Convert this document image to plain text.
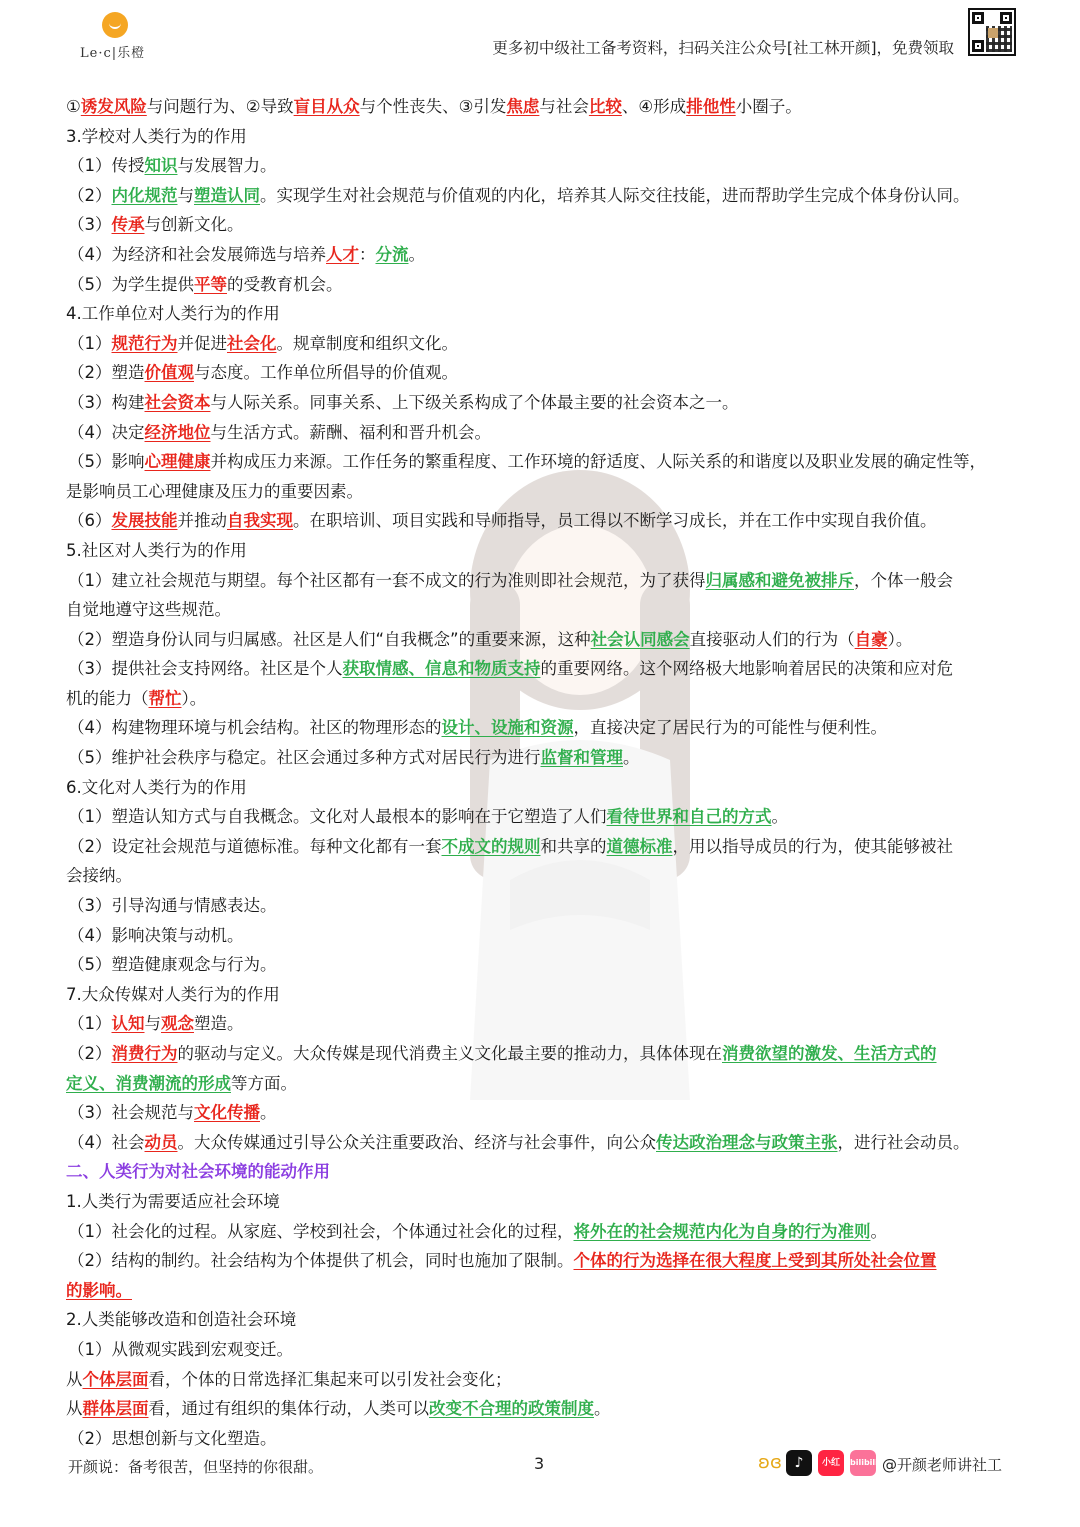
Le·c|乐橙	更多初中级社工备考资料，扫码关注公众号[社工林开颜]，免费领取
①诱发风险与问题行为、②导致盲目从众与个性丧失、③引发焦虑与社会比较、④形成排他性小圈子。
3.学校对人类行为的作用
（1）传授知识与发展智力。
（2）内化规范与塑造认同。实现学生对社会规范与价值观的内化，培养其人际交往技能，进而帮助学生完成个体身份认同。
（3）传承与创新文化。
（4）为经济和社会发展筛选与培养人才：分流。
（5）为学生提供平等的受教育机会。
4.工作单位对人类行为的作用
（1）规范行为并促进社会化。规章制度和组织文化。
（2）塑造价值观与态度。工作单位所倡导的价值观。
（3）构建社会资本与人际关系。同事关系、上下级关系构成了个体最主要的社会资本之一。
（4）决定经济地位与生活方式。薪酬、福利和晋升机会。
（5）影响心理健康并构成压力来源。工作任务的繁重程度、工作环境的舒适度、人际关系的和谐度以及职业发展的确定性等，
是影响员工心理健康及压力的重要因素。
（6）发展技能并推动自我实现。在职培训、项目实践和导师指导，员工得以不断学习成长，并在工作中实现自我价值。
5.社区对人类行为的作用
（1）建立社会规范与期望。每个社区都有一套不成文的行为准则即社会规范，为了获得归属感和避免被排斥，个体一般会
自觉地遵守这些规范。
（2）塑造身份认同与归属感。社区是人们“自我概念”的重要来源，这种社会认同感会直接驱动人们的行为（自豪）。
（3）提供社会支持网络。社区是个人获取情感、信息和物质支持的重要网络。这个网络极大地影响着居民的决策和应对危
机的能力（帮忙）。
（4）构建物理环境与机会结构。社区的物理形态的设计、设施和资源，直接决定了居民行为的可能性与便利性。
（5）维护社会秩序与稳定。社区会通过多种方式对居民行为进行监督和管理。
6.文化对人类行为的作用
（1）塑造认知方式与自我概念。文化对人最根本的影响在于它塑造了人们看待世界和自己的方式。
（2）设定社会规范与道德标准。每种文化都有一套不成文的规则和共享的道德标准，用以指导成员的行为，使其能够被社
会接纳。
（3）引导沟通与情感表达。
（4）影响决策与动机。
（5）塑造健康观念与行为。
7.大众传媒对人类行为的作用
（1）认知与观念塑造。
（2）消费行为的驱动与定义。大众传媒是现代消费主义文化最主要的推动力，具体体现在消费欲望的激发、生活方式的
定义、消费潮流的形成等方面。
（3）社会规范与文化传播。
（4）社会动员。大众传媒通过引导公众关注重要政治、经济与社会事件，向公众传达政治理念与政策主张，进行社会动员。
二、人类行为对社会环境的能动作用
1.人类行为需要适应社会环境
（1）社会化的过程。从家庭、学校到社会，个体通过社会化的过程，将外在的社会规范内化为自身的行为准则。
（2）结构的制约。社会结构为个体提供了机会，同时也施加了限制。个体的行为选择在很大程度上受到其所处社会位置
的影响。
2.人类能够改造和创造社会环境
（1）从微观实践到宏观变迁。
从个体层面看，个体的日常选择汇集起来可以引发社会变化；
从群体层面看，通过有组织的集体行动，人类可以改变不合理的政策制度。
（2）思想创新与文化塑造。
开颜说：备考很苦，但坚持的你很甜。	3	ʚɞ ♪	小红书
bilibili @开颜老师讲社工
